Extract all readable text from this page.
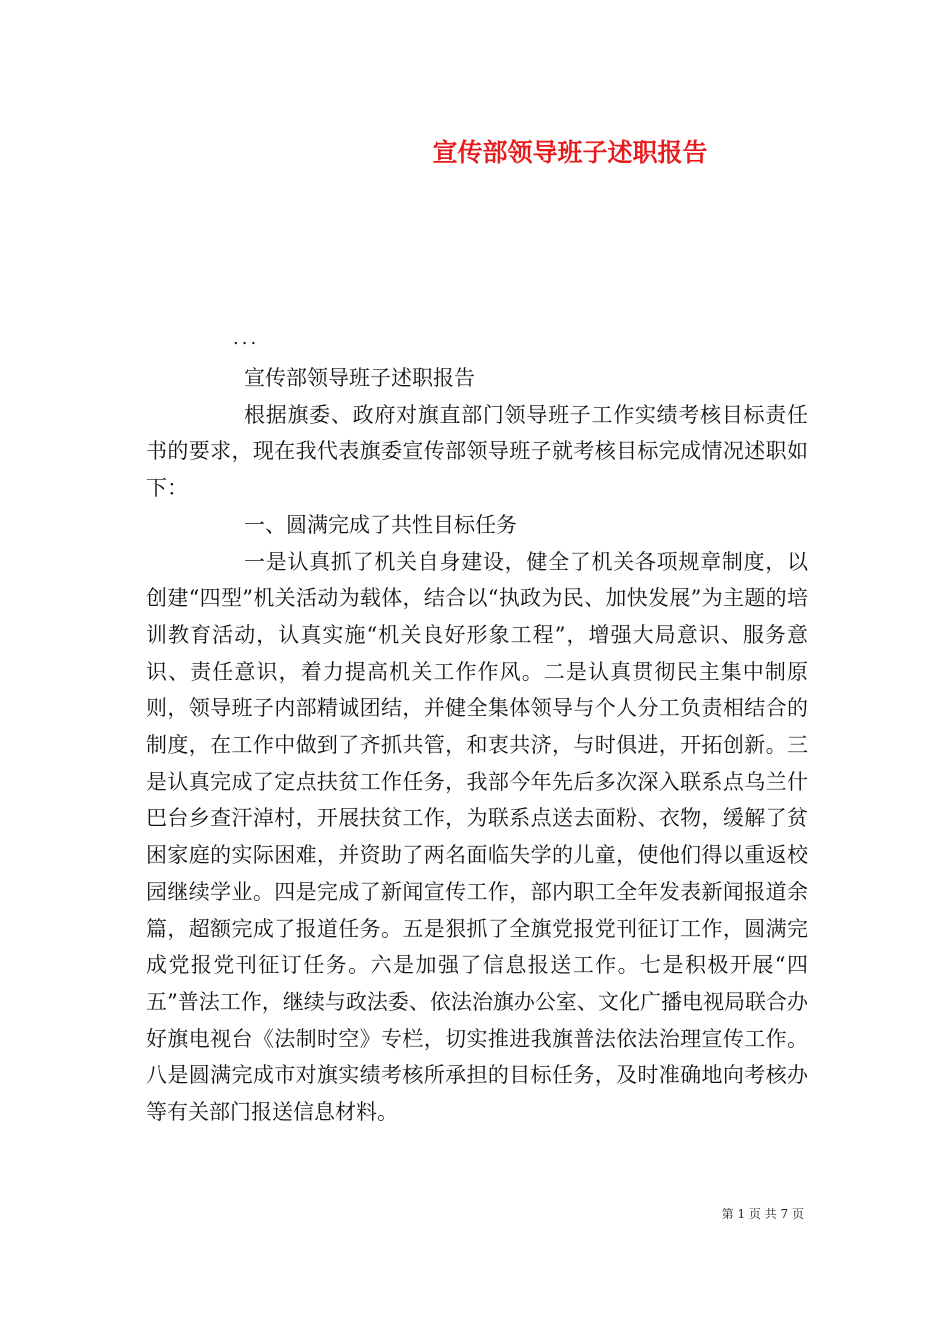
宣传部领导班子述职报告
...

宣传部领导班子述职报告

根据旗委、政府对旗直部门领导班子工作实绩考核目标责任书的要求，现在我代表旗委宣传部领导班子就考核目标完成情况述职如下：

一、圆满完成了共性目标任务

一是认真抓了机关自身建设，健全了机关各项规章制度，以创建“四型”机关活动为载体，结合以“执政为民、加快发展”为主题的培训教育活动，认真实施“机关良好形象工程”，增强大局意识、服务意识、责任意识，着力提高机关工作作风。二是认真贯彻民主集中制原则，领导班子内部精诚团结，并健全集体领导与个人分工负责相结合的制度，在工作中做到了齐抓共管，和衷共济，与时俱进，开拓创新。三是认真完成了定点扶贫工作任务，我部今年先后多次深入联系点乌兰什巴台乡查汗淖村，开展扶贫工作，为联系点送去面粉、衣物，缓解了贫困家庭的实际困难，并资助了两名面临失学的儿童，使他们得以重返校园继续学业。四是完成了新闻宣传工作，部内职工全年发表新闻报道余篇，超额完成了报道任务。五是狠抓了全旗党报党刊征订工作，圆满完成党报党刊征订任务。六是加强了信息报送工作。七是积极开展“四五”普法工作，继续与政法委、依法治旗办公室、文化广播电视局联合办好旗电视台《法制时空》专栏，切实推进我旗普法依法治理宣传工作。八是圆满完成市对旗实绩考核所承担的目标任务，及时准确地向考核办等有关部门报送信息材料。

第 1 页 共 7 页
